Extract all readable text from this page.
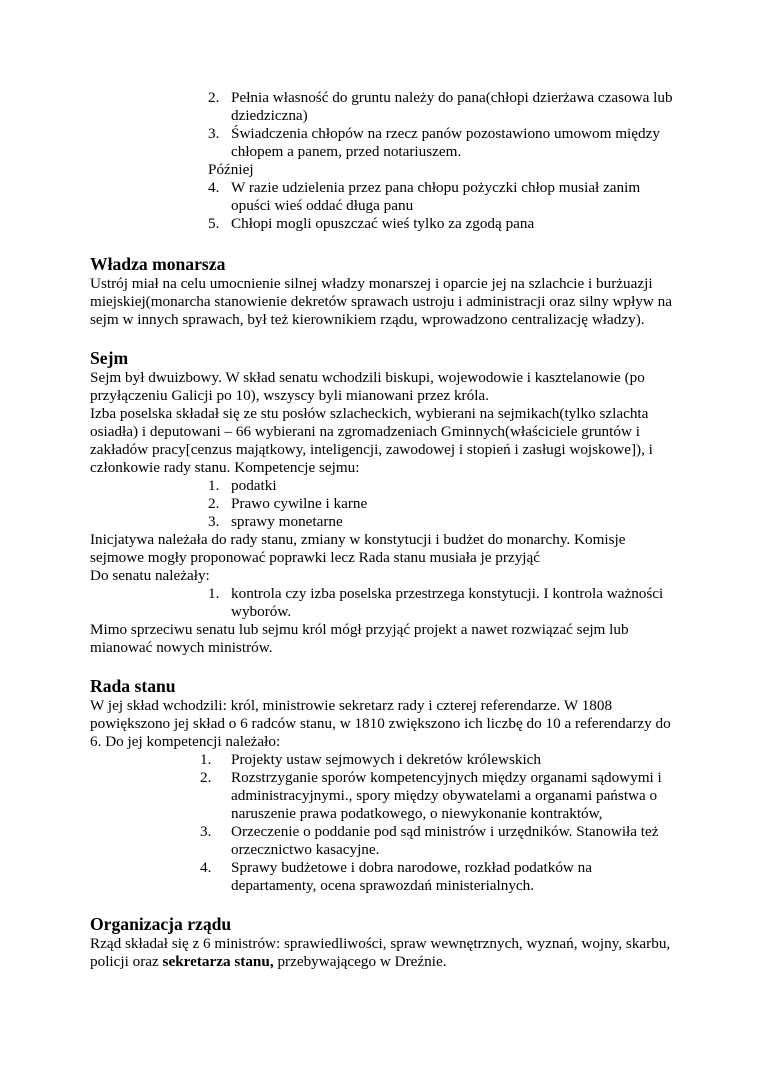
2. Pełnia własność do gruntu należy do pana(chłopi dzierżawa czasowa lub dziedziczna)
3. Świadczenia chłopów na rzecz panów pozostawiono umowom między chłopem a panem, przed notariuszem.

Później

4. W razie udzielenia przez pana chłopu pożyczki chłop musiał zanim opuści wieś oddać długa panu
5. Chłopi mogli opuszczać wieś tylko za zgodą pana
Władza monarsza

Ustrój miał na celu umocnienie silnej władzy monarszej i oparcie jej na szlachcie i burżuazji miejskiej(monarcha stanowienie dekretów sprawach ustroju i administracji oraz silny wpływ na sejm w innych sprawach, był też kierownikiem rządu, wprowadzono centralizację władzy).

Sejm

Sejm był dwuizbowy. W skład senatu wchodzili biskupi, wojewodowie i kasztelanowie (po przyłączeniu Galicji po 10), wszyscy byli mianowani przez króla.

Izba poselska składał się ze stu posłów szlacheckich, wybierani na sejmikach(tylko szlachta osiadła) i deputowani – 66 wybierani na zgromadzeniach Gminnych(właściciele gruntów i zakładów pracy[cenzus majątkowy, inteligencji, zawodowej i stopień i zasługi wojskowe]), i członkowie rady stanu. Kompetencje sejmu:

1. podatki
2. Prawo cywilne i karne
3. sprawy monetarne

Inicjatywa należała do rady stanu, zmiany w konstytucji i budżet do monarchy. Komisje sejmowe mogły proponować poprawki lecz Rada stanu musiała je przyjąć

Do senatu należały:

1. kontrola czy izba poselska przestrzega konstytucji. I kontrola ważności wyborów.

Mimo sprzeciwu senatu lub sejmu król mógł przyjąć projekt a nawet rozwiązać sejm lub mianować nowych ministrów.

Rada stanu

W jej skład wchodzili: król, ministrowie sekretarz rady i czterej referendarze. W 1808 powiększono jej skład o 6 radców stanu, w 1810 zwiększono ich liczbę do 10 a referendarzy do 6. Do jej kompetencji należało:

1. Projekty ustaw sejmowych i dekretów królewskich
2. Rozstrzyganie sporów kompetencyjnych między organami sądowymi i administracyjnymi., spory między obywatelami a organami państwa o naruszenie prawa podatkowego, o niewykonanie kontraktów,
3. Orzeczenie o poddanie pod sąd ministrów i urzędników. Stanowiła też orzecznictwo kasacyjne.
4. Sprawy budżetowe i dobra narodowe, rozkład podatków na departamenty, ocena sprawozdań ministerialnych.
Organizacja rządu

Rząd składał się z 6 ministrów: sprawiedliwości, spraw wewnętrznych, wyznań, wojny, skarbu, policji oraz sekretarza stanu, przebywającego w Dreźnie.
